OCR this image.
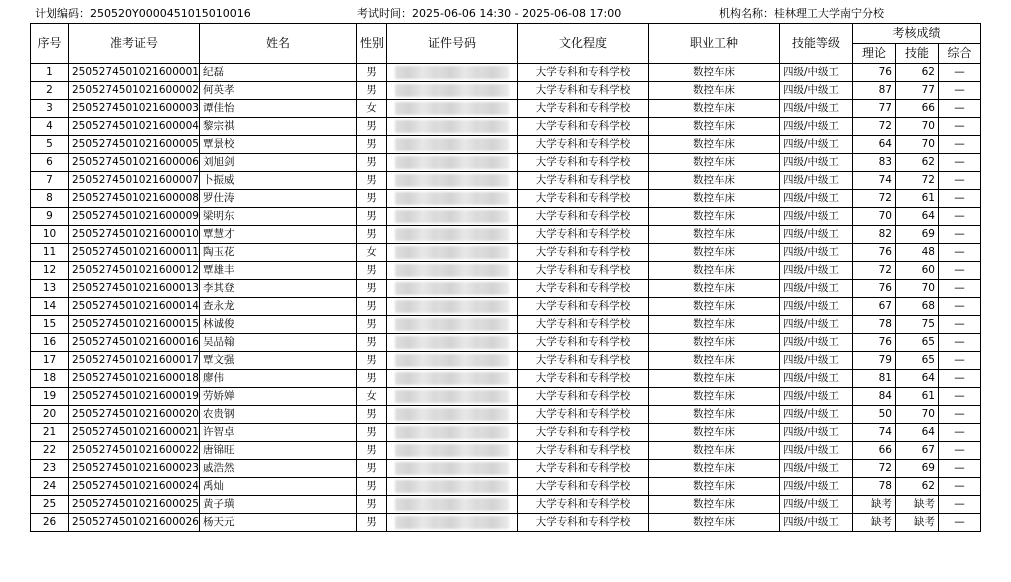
计划编码：250520Y0000451015010016	考试时间：2025-06-06 14:30 - 2025-06-08 17:00	机构名称：桂林理工大学南宁分校
序号	准考证号	姓名	性别	证件号码	文化程度	职业工种	技能等级	考核成绩		
								理论	技能	综合
1	2505274501021600001	纪磊	男		大学专科和专科学校	数控车床	四级/中级工	76	62	—
2	2505274501021600002	何英孝	男		大学专科和专科学校	数控车床	四级/中级工	87	77	—
3	2505274501021600003	谭佳怡	女		大学专科和专科学校	数控车床	四级/中级工	77	66	—
4	2505274501021600004	黎宗祺	男		大学专科和专科学校	数控车床	四级/中级工	72	70	—
5	2505274501021600005	覃景校	男		大学专科和专科学校	数控车床	四级/中级工	64	70	—
6	2505274501021600006	刘旭剑	男		大学专科和专科学校	数控车床	四级/中级工	83	62	—
7	2505274501021600007	卜振威	男		大学专科和专科学校	数控车床	四级/中级工	74	72	—
8	2505274501021600008	罗仕涛	男		大学专科和专科学校	数控车床	四级/中级工	72	61	—
9	2505274501021600009	梁明东	男		大学专科和专科学校	数控车床	四级/中级工	70	64	—
10	2505274501021600010	覃慧才	男		大学专科和专科学校	数控车床	四级/中级工	82	69	—
11	2505274501021600011	陶玉花	女		大学专科和专科学校	数控车床	四级/中级工	76	48	—
12	2505274501021600012	覃雄丰	男		大学专科和专科学校	数控车床	四级/中级工	72	60	—
13	2505274501021600013	李其登	男		大学专科和专科学校	数控车床	四级/中级工	76	70	—
14	2505274501021600014	查永龙	男		大学专科和专科学校	数控车床	四级/中级工	67	68	—
15	2505274501021600015	林诚俊	男		大学专科和专科学校	数控车床	四级/中级工	78	75	—
16	2505274501021600016	吴品翰	男		大学专科和专科学校	数控车床	四级/中级工	76	65	—
17	2505274501021600017	覃文强	男		大学专科和专科学校	数控车床	四级/中级工	79	65	—
18	2505274501021600018	廖伟	男		大学专科和专科学校	数控车床	四级/中级工	81	64	—
19	2505274501021600019	劳娇婵	女		大学专科和专科学校	数控车床	四级/中级工	84	61	—
20	2505274501021600020	农贵钢	男		大学专科和专科学校	数控车床	四级/中级工	50	70	—
21	2505274501021600021	许智卓	男		大学专科和专科学校	数控车床	四级/中级工	74	64	—
22	2505274501021600022	唐锦旺	男		大学专科和专科学校	数控车床	四级/中级工	66	67	—
23	2505274501021600023	戚浩然	男		大学专科和专科学校	数控车床	四级/中级工	72	69	—
24	2505274501021600024	禹灿	男		大学专科和专科学校	数控车床	四级/中级工	78	62	—
25	2505274501021600025	黄子璜	男		大学专科和专科学校	数控车床	四级/中级工	缺考	缺考	—
26	2505274501021600026	杨天元	男		大学专科和专科学校	数控车床	四级/中级工	缺考	缺考	—
